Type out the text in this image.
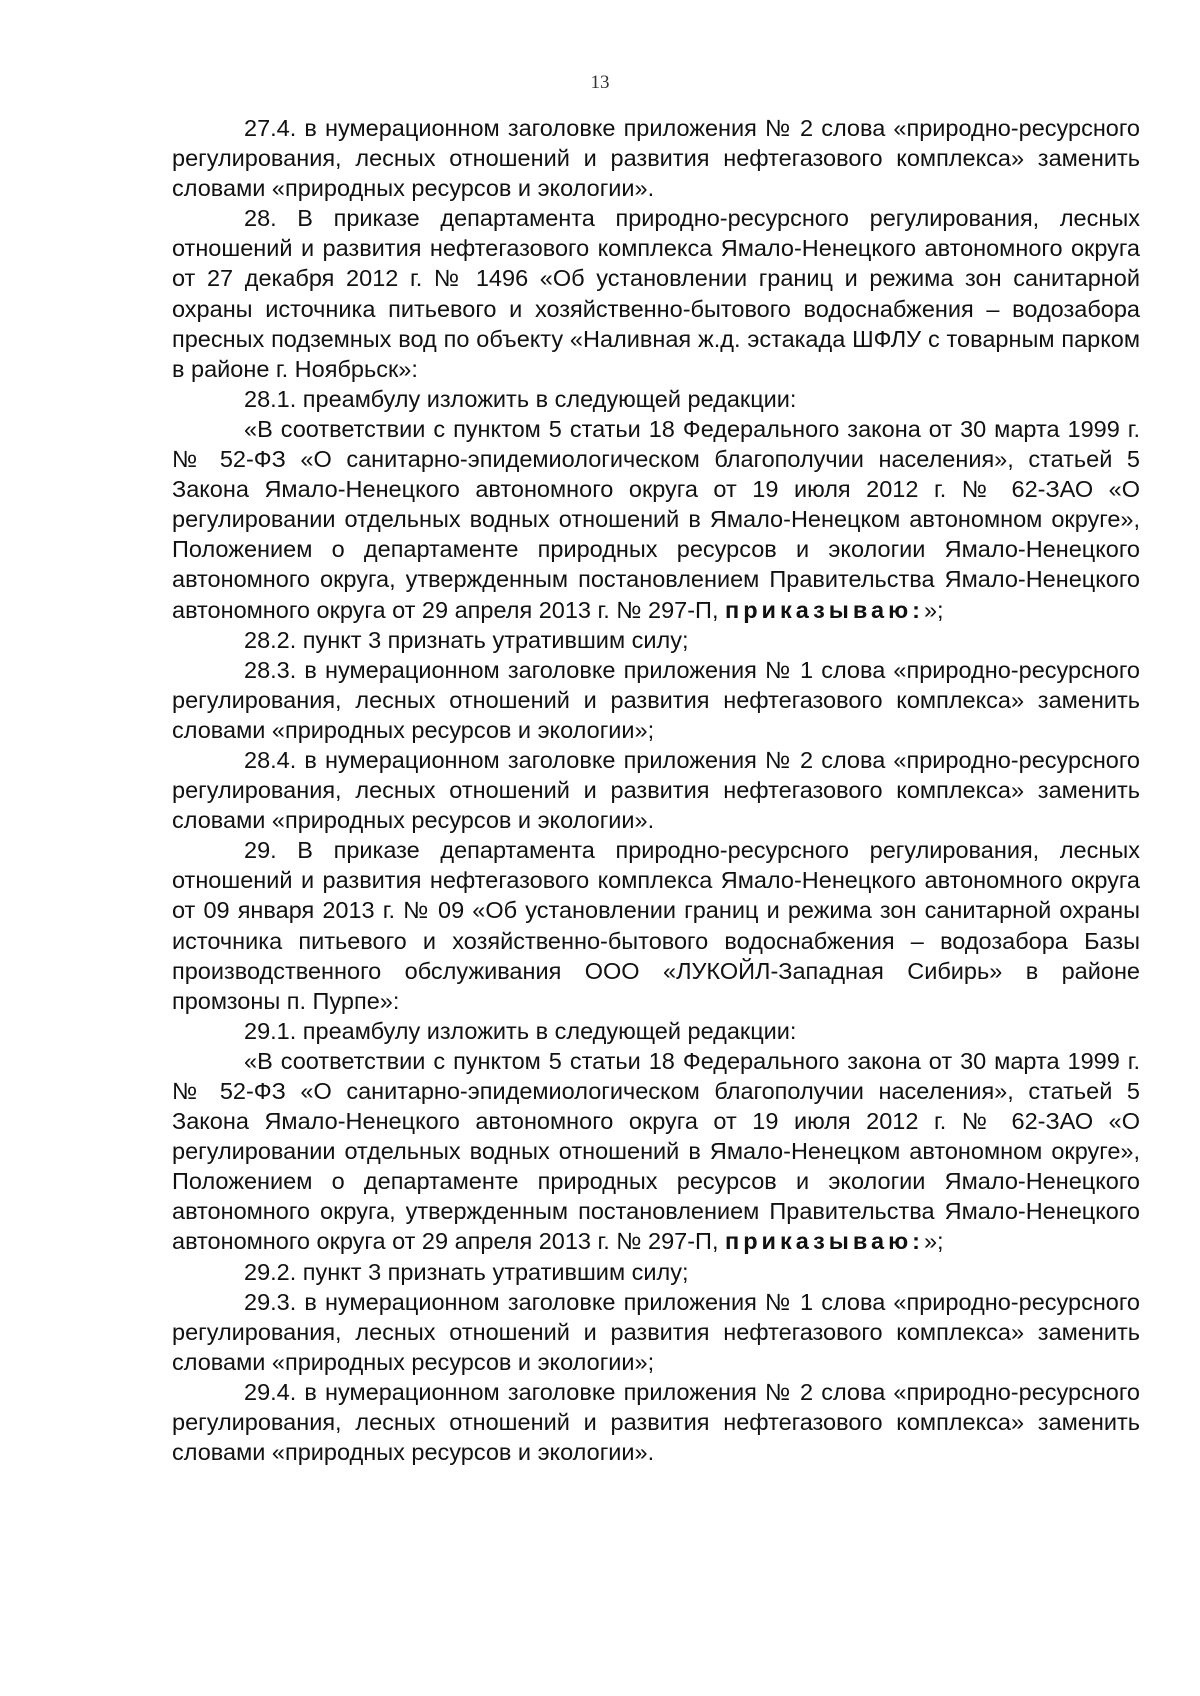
13

27.4. в нумерационном заголовке приложения № 2 слова «природно-ресурсного регулирования, лесных отношений и развития нефтегазового комплекса» заменить словами «природных ресурсов и экологии».

28. В приказе департамента природно-ресурсного регулирования, лесных отношений и развития нефтегазового комплекса Ямало-Ненецкого автономного округа от 27 декабря 2012 г. № 1496 «Об установлении границ и режима зон санитарной охраны источника питьевого и хозяйственно-бытового водоснабжения – водозабора пресных подземных вод по объекту «Наливная ж.д. эстакада ШФЛУ с товарным парком в районе г. Ноябрьск»:

28.1. преамбулу изложить в следующей редакции:

«В соответствии с пунктом 5 статьи 18 Федерального закона от 30 марта 1999 г. № 52-ФЗ «О санитарно-эпидемиологическом благополучии населения», статьей 5 Закона Ямало-Ненецкого автономного округа от 19 июля 2012 г. № 62-ЗАО «О регулировании отдельных водных отношений в Ямало-Ненецком автономном округе», Положением о департаменте природных ресурсов и экологии Ямало-Ненецкого автономного округа, утвержденным постановлением Правительства Ямало-Ненецкого автономного округа от 29 апреля 2013 г. № 297-П, приказываю:»;

28.2. пункт 3 признать утратившим силу;

28.3. в нумерационном заголовке приложения № 1 слова «природно-ресурсного регулирования, лесных отношений и развития нефтегазового комплекса» заменить словами «природных ресурсов и экологии»;

28.4. в нумерационном заголовке приложения № 2 слова «природно-ресурсного регулирования, лесных отношений и развития нефтегазового комплекса» заменить словами «природных ресурсов и экологии».

29. В приказе департамента природно-ресурсного регулирования, лесных отношений и развития нефтегазового комплекса Ямало-Ненецкого автономного округа от 09 января 2013 г. № 09 «Об установлении границ и режима зон санитарной охраны источника питьевого и хозяйственно-бытового водоснабжения – водозабора Базы производственного обслуживания ООО «ЛУКОЙЛ-Западная Сибирь» в районе промзоны п. Пурпе»:

29.1. преамбулу изложить в следующей редакции:

«В соответствии с пунктом 5 статьи 18 Федерального закона от 30 марта 1999 г. № 52-ФЗ «О санитарно-эпидемиологическом благополучии населения», статьей 5 Закона Ямало-Ненецкого автономного округа от 19 июля 2012 г. № 62-ЗАО «О регулировании отдельных водных отношений в Ямало-Ненецком автономном округе», Положением о департаменте природных ресурсов и экологии Ямало-Ненецкого автономного округа, утвержденным постановлением Правительства Ямало-Ненецкого автономного округа от 29 апреля 2013 г. № 297-П, приказываю:»;

29.2. пункт 3 признать утратившим силу;

29.3. в нумерационном заголовке приложения № 1 слова «природно-ресурсного регулирования, лесных отношений и развития нефтегазового комплекса» заменить словами «природных ресурсов и экологии»;

29.4. в нумерационном заголовке приложения № 2 слова «природно-ресурсного регулирования, лесных отношений и развития нефтегазового комплекса» заменить словами «природных ресурсов и экологии».
